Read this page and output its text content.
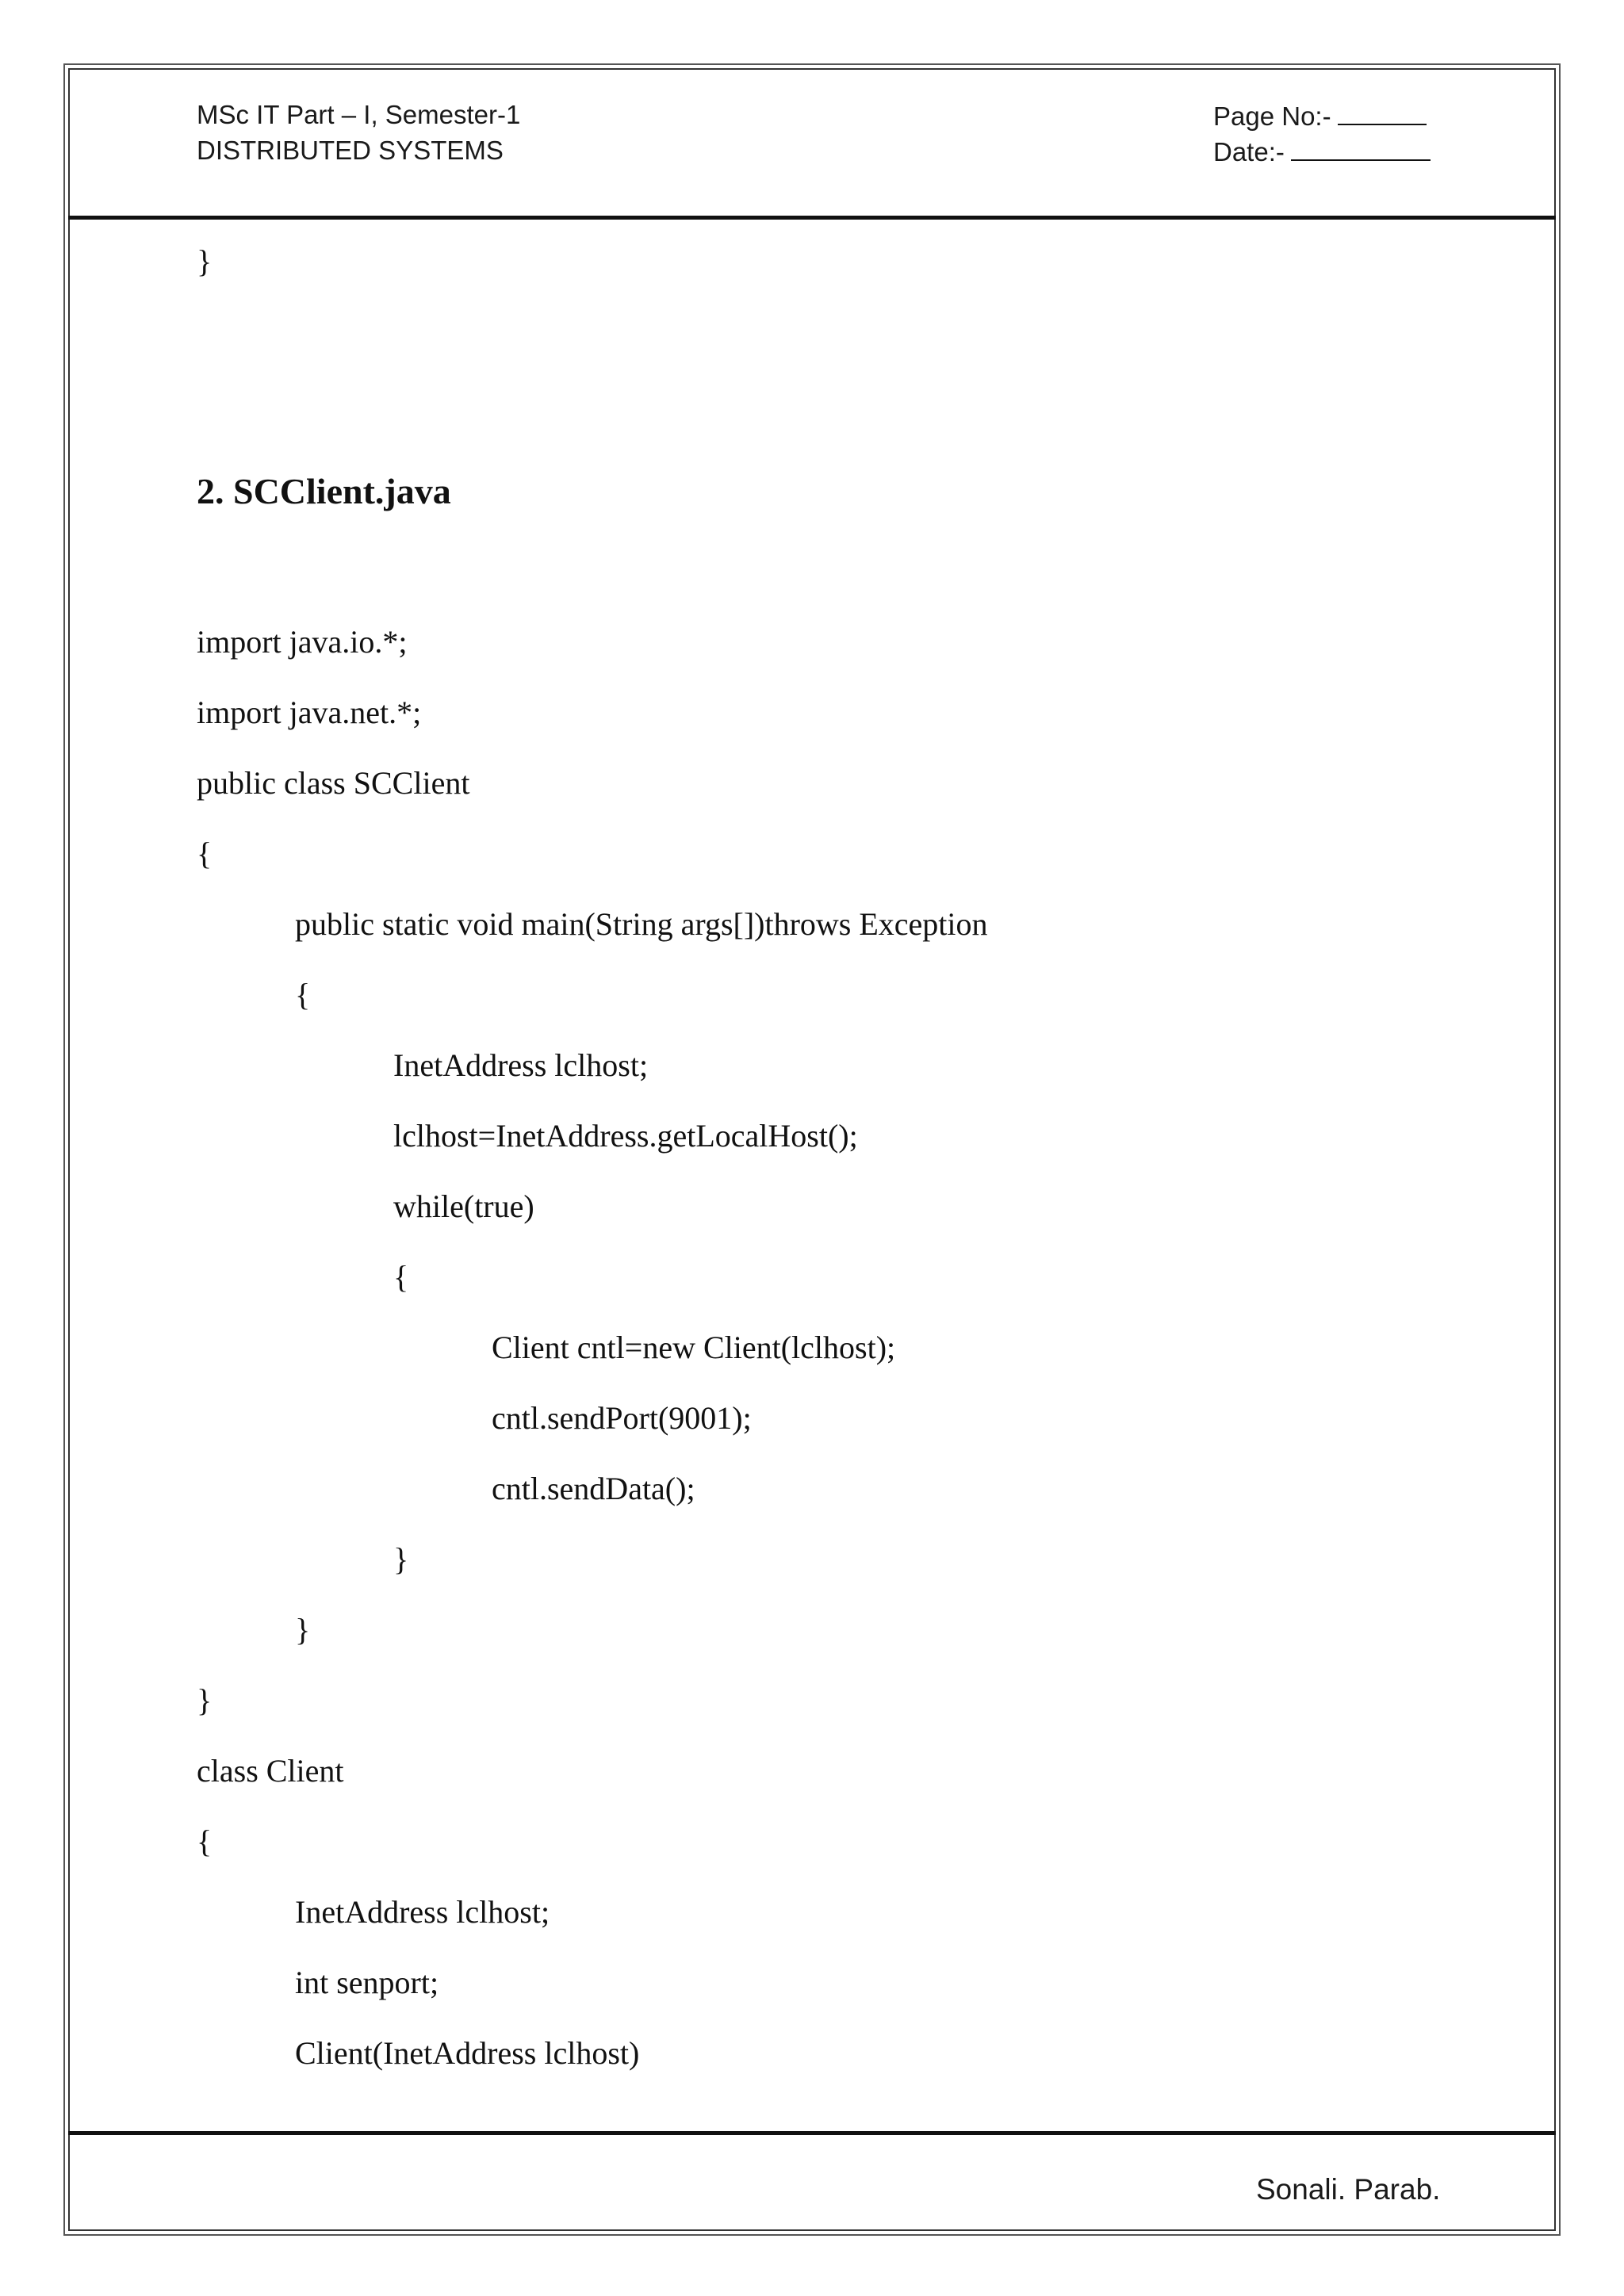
MSc IT Part – I, Semester-1
DISTRIBUTED SYSTEMS
Page No:-
Date:-
}
2. SCClient.java
import java.io.*;
import java.net.*;
public class SCClient
{
public static void main(String args[])throws Exception
{
InetAddress lclhost;
lclhost=InetAddress.getLocalHost();
while(true)
{
Client cntl=new Client(lclhost);
cntl.sendPort(9001);
cntl.sendData();
}
}
}
class Client
{
InetAddress lclhost;
int senport;
Client(InetAddress lclhost)
Sonali. Parab.
